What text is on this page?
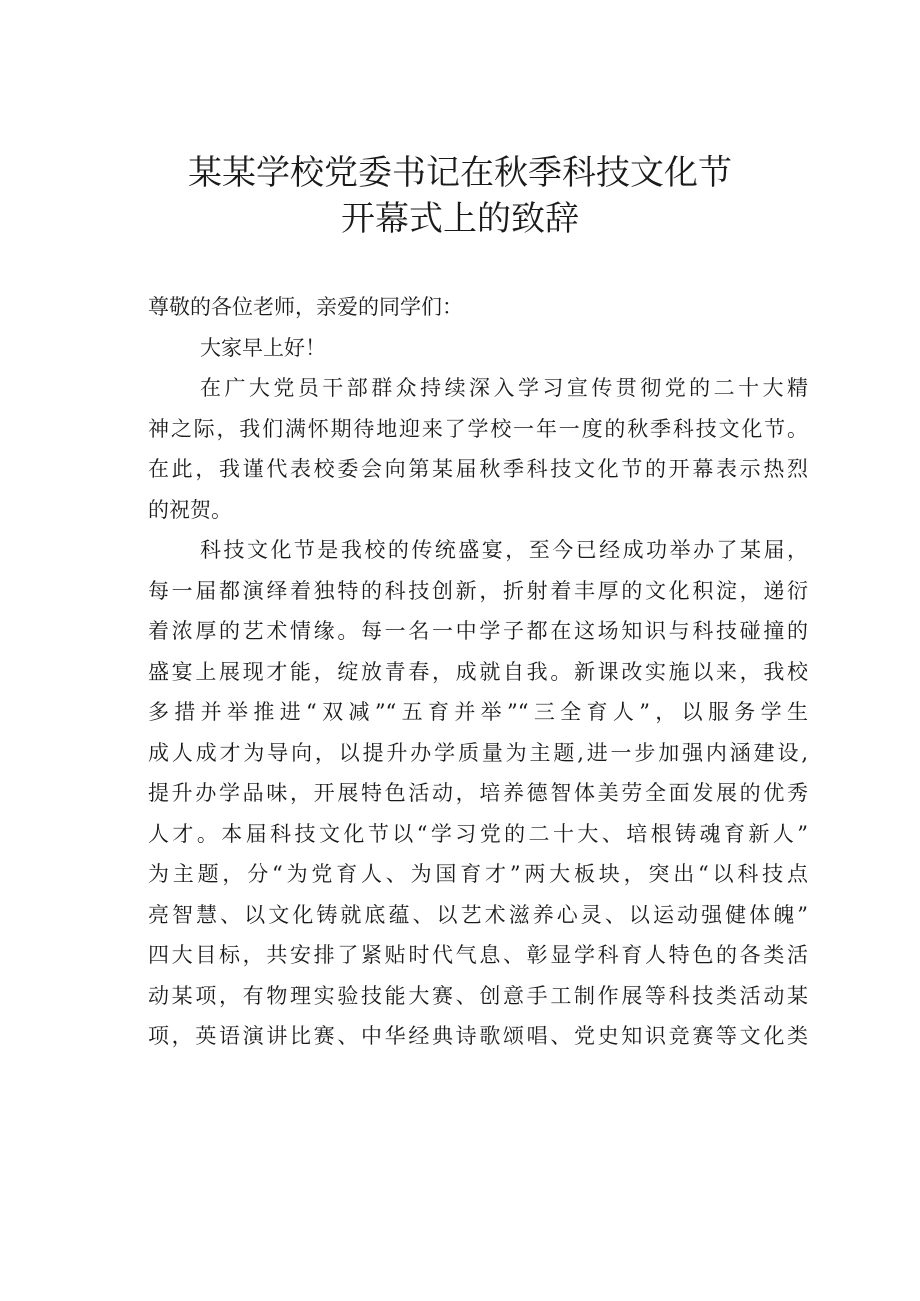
某某学校党委书记在秋季科技文化节
开幕式上的致辞
尊敬的各位老师，亲爱的同学们：
大家早上好！
在广大党员干部群众持续深入学习宣传贯彻党的二十大精
神之际，我们满怀期待地迎来了学校一年一度的秋季科技文化节。
在此，我谨代表校委会向第某届秋季科技文化节的开幕表示热烈
的祝贺。
科技文化节是我校的传统盛宴，至今已经成功举办了某届，
每一届都演绎着独特的科技创新，折射着丰厚的文化积淀，递衍
着浓厚的艺术情缘。每一名一中学子都在这场知识与科技碰撞的
盛宴上展现才能，绽放青春，成就自我。新课改实施以来，我校
多措并举推进“双减”“五育并举”“三全育人”，以服务学生
成人成才为导向，以提升办学质量为主题,进一步加强内涵建设,
提升办学品味，开展特色活动，培养德智体美劳全面发展的优秀
人才。本届科技文化节以“学习党的二十大、培根铸魂育新人”
为主题，分“为党育人、为国育才”两大板块，突出“以科技点
亮智慧、以文化铸就底蕴、以艺术滋养心灵、以运动强健体魄”
四大目标，共安排了紧贴时代气息、彰显学科育人特色的各类活
动某项，有物理实验技能大赛、创意手工制作展等科技类活动某
项，英语演讲比赛、中华经典诗歌颂唱、党史知识竞赛等文化类
